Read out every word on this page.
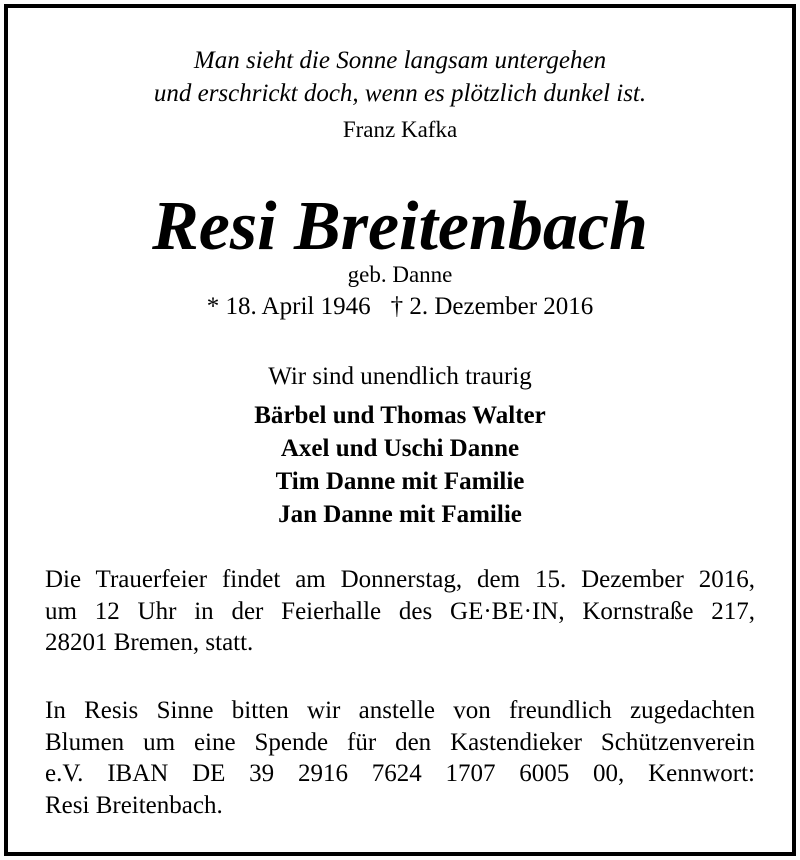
Man sieht die Sonne langsam untergehen
und erschrickt doch, wenn es plötzlich dunkel ist.
Franz Kafka
Resi Breitenbach
geb. Danne
* 18. April 1946 † 2. Dezember 2016
Wir sind unendlich traurig
Bärbel und Thomas Walter
Axel und Uschi Danne
Tim Danne mit Familie
Jan Danne mit Familie
Die Trauerfeier findet am Donnerstag, dem 15. Dezember 2016,
um 12 Uhr in der Feierhalle des GE·BE·IN, Kornstraße 217,
28201 Bremen, statt.
In Resis Sinne bitten wir anstelle von freundlich zugedachten
Blumen um eine Spende für den Kastendieker Schützenverein
e.V. IBAN DE 39 2916 7624 1707 6005 00, Kennwort:
Resi Breitenbach.
